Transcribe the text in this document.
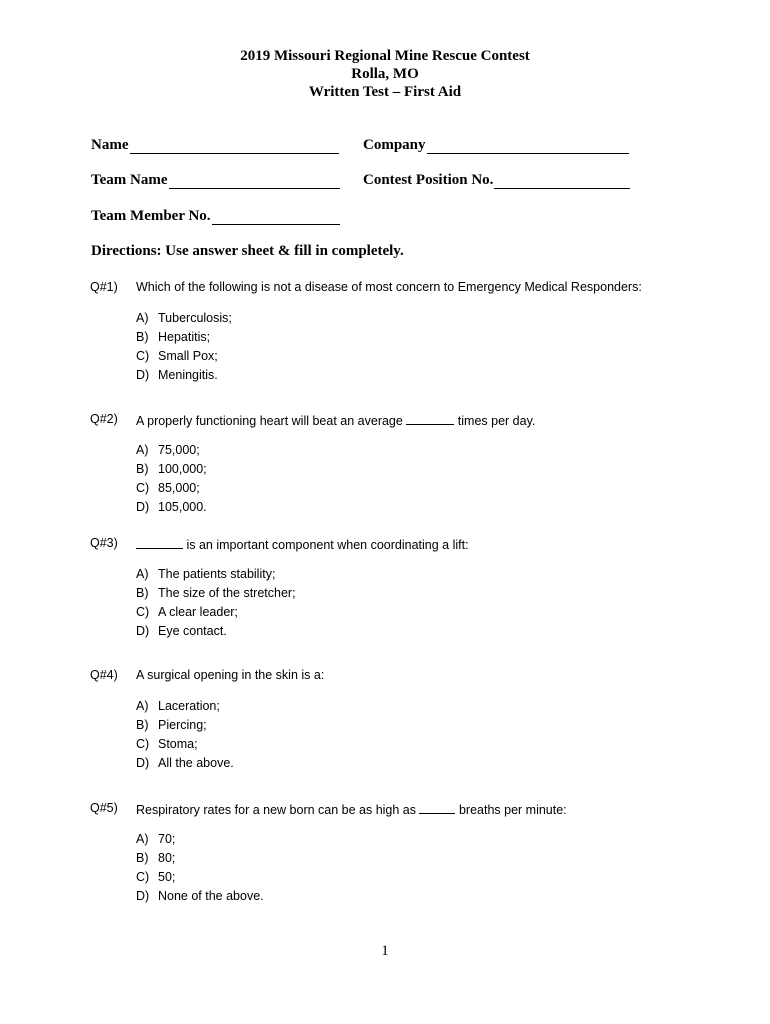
2019 Missouri Regional Mine Rescue Contest
Rolla, MO
Written Test – First Aid
Name	Company
Team Name	Contest Position No.
Team Member No.
Directions: Use answer sheet & fill in completely.
Q#1) Which of the following is not a disease of most concern to Emergency Medical Responders:
A) Tuberculosis;
B) Hepatitis;
C) Small Pox;
D) Meningitis.
Q#2) A properly functioning heart will beat an average	times per day.
A) 75,000;
B) 100,000;
C) 85,000;
D) 105,000.
Q#3)	is an important component when coordinating a lift:
A) The patients stability;
B) The size of the stretcher;
C) A clear leader;
D) Eye contact.
Q#4) A surgical opening in the skin is a:
A) Laceration;
B) Piercing;
C) Stoma;
D) All the above.
Q#5) Respiratory rates for a new born can be as high as	breaths per minute:
A) 70;
B) 80;
C) 50;
D) None of the above.
1
